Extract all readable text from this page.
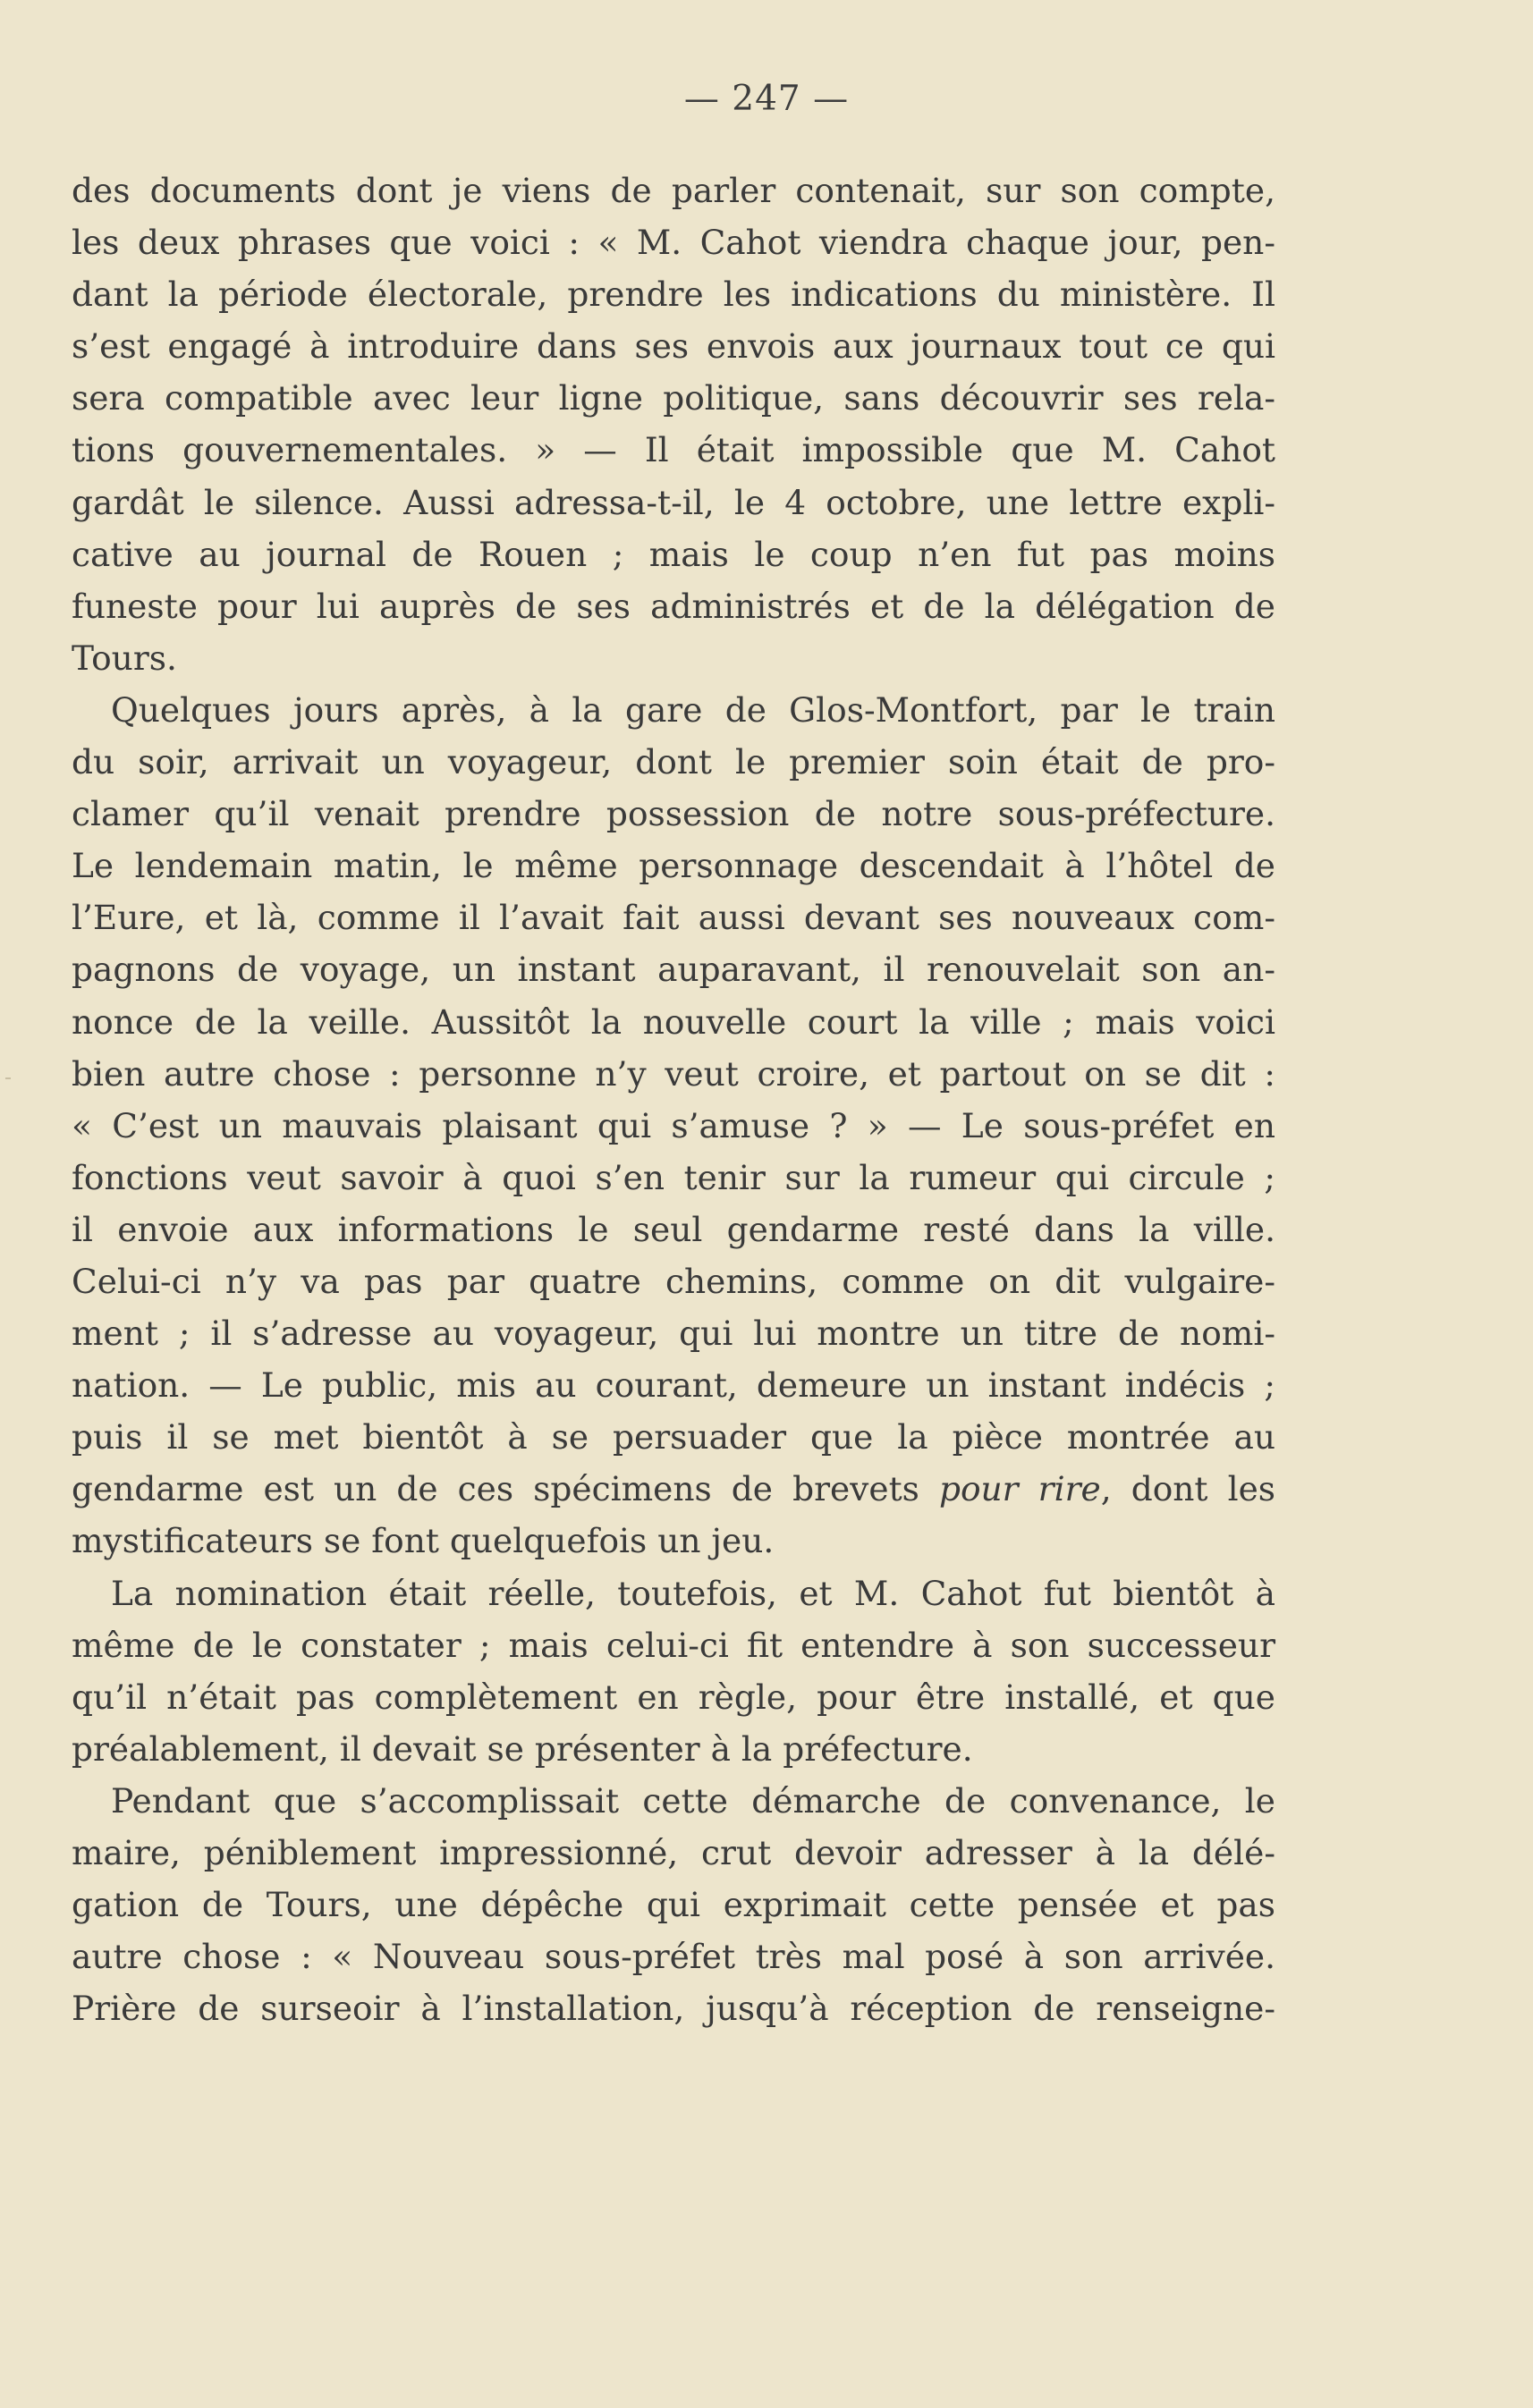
— 247 —
des documents dont je viens de parler contenait, sur son compte,
les deux phrases que voici : « M. Cahot viendra chaque jour, pen-
dant la période électorale, prendre les indications du ministère. Il
s’est engagé à introduire dans ses envois aux journaux tout ce qui
sera compatible avec leur ligne politique, sans découvrir ses rela-
tions gouvernementales. » — Il était impossible que M. Cahot
gardât le silence. Aussi adressa-t-il, le 4 octobre, une lettre expli-
cative au journal de Rouen ; mais le coup n’en fut pas moins
funeste pour lui auprès de ses administrés et de la délégation de
Tours.
Quelques jours après, à la gare de Glos-Montfort, par le train
du soir, arrivait un voyageur, dont le premier soin était de pro-
clamer qu’il venait prendre possession de notre sous-préfecture.
Le lendemain matin, le même personnage descendait à l’hôtel de
l’Eure, et là, comme il l’avait fait aussi devant ses nouveaux com-
pagnons de voyage, un instant auparavant, il renouvelait son an-
nonce de la veille. Aussitôt la nouvelle court la ville ; mais voici
bien autre chose : personne n’y veut croire, et partout on se dit :
« C’est un mauvais plaisant qui s’amuse ? » — Le sous-préfet en
fonctions veut savoir à quoi s’en tenir sur la rumeur qui circule ;
il envoie aux informations le seul gendarme resté dans la ville.
Celui-ci n’y va pas par quatre chemins, comme on dit vulgaire-
ment ; il s’adresse au voyageur, qui lui montre un titre de nomi-
nation. — Le public, mis au courant, demeure un instant indécis ;
puis il se met bientôt à se persuader que la pièce montrée au
gendarme est un de ces spécimens de brevets pour rire, dont les
mystificateurs se font quelquefois un jeu.
La nomination était réelle, toutefois, et M. Cahot fut bientôt à
même de le constater ; mais celui-ci fit entendre à son successeur
qu’il n’était pas complètement en règle, pour être installé, et que
préalablement, il devait se présenter à la préfecture.
Pendant que s’accomplissait cette démarche de convenance, le
maire, péniblement impressionné, crut devoir adresser à la délé-
gation de Tours, une dépêche qui exprimait cette pensée et pas
autre chose : « Nouveau sous-préfet très mal posé à son arrivée.
Prière de surseoir à l’installation, jusqu’à réception de renseigne-
